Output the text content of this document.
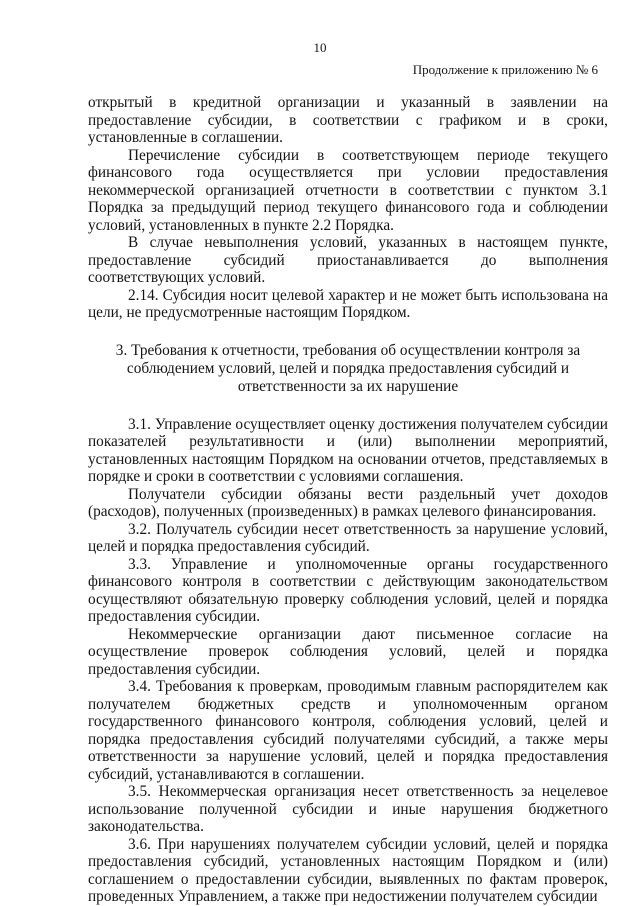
10
Продолжение к приложению № 6

открытый в кредитной организации и указанный в заявлении на предоставление субсидии, в соответствии с графиком и в сроки, установленные в соглашении.

Перечисление субсидии в соответствующем периоде текущего финансового года осуществляется при условии предоставления некоммерческой организацией отчетности в соответствии с пунктом 3.1 Порядка за предыдущий период текущего финансового года и соблюдении условий, установленных в пункте 2.2 Порядка.

В случае невыполнения условий, указанных в настоящем пункте, предоставление субсидий приостанавливается до выполнения соответствующих условий.

2.14. Субсидия носит целевой характер и не может быть использована на цели, не предусмотренные настоящим Порядком.

3. Требования к отчетности, требования об осуществлении контроля за соблюдением условий, целей и порядка предоставления субсидий и ответственности за их нарушение

3.1. Управление осуществляет оценку достижения получателем субсидии показателей результативности и (или) выполнении мероприятий, установленных настоящим Порядком на основании отчетов, представляемых в порядке и сроки в соответствии с условиями соглашения.

Получатели субсидии обязаны вести раздельный учет доходов (расходов), полученных (произведенных) в рамках целевого финансирования.

3.2. Получатель субсидии несет ответственность за нарушение условий, целей и порядка предоставления субсидий.

3.3. Управление и уполномоченные органы государственного финансового контроля в соответствии с действующим законодательством осуществляют обязательную проверку соблюдения условий, целей и порядка предоставления субсидии.

Некоммерческие организации дают письменное согласие на осуществление проверок соблюдения условий, целей и порядка предоставления субсидии.

3.4. Требования к проверкам, проводимым главным распорядителем как получателем бюджетных средств и уполномоченным органом государственного финансового контроля, соблюдения условий, целей и порядка предоставления субсидий получателями субсидий, а также меры ответственности за нарушение условий, целей и порядка предоставления субсидий, устанавливаются в соглашении.

3.5. Некоммерческая организация несет ответственность за нецелевое использование полученной субсидии и иные нарушения бюджетного законодательства.

3.6. При нарушениях получателем субсидии условий, целей и порядка предоставления субсидий, установленных настоящим Порядком и (или) соглашением о предоставлении субсидии, выявленных по фактам проверок, проведенных Управлением, а также при недостижении получателем субсидии
